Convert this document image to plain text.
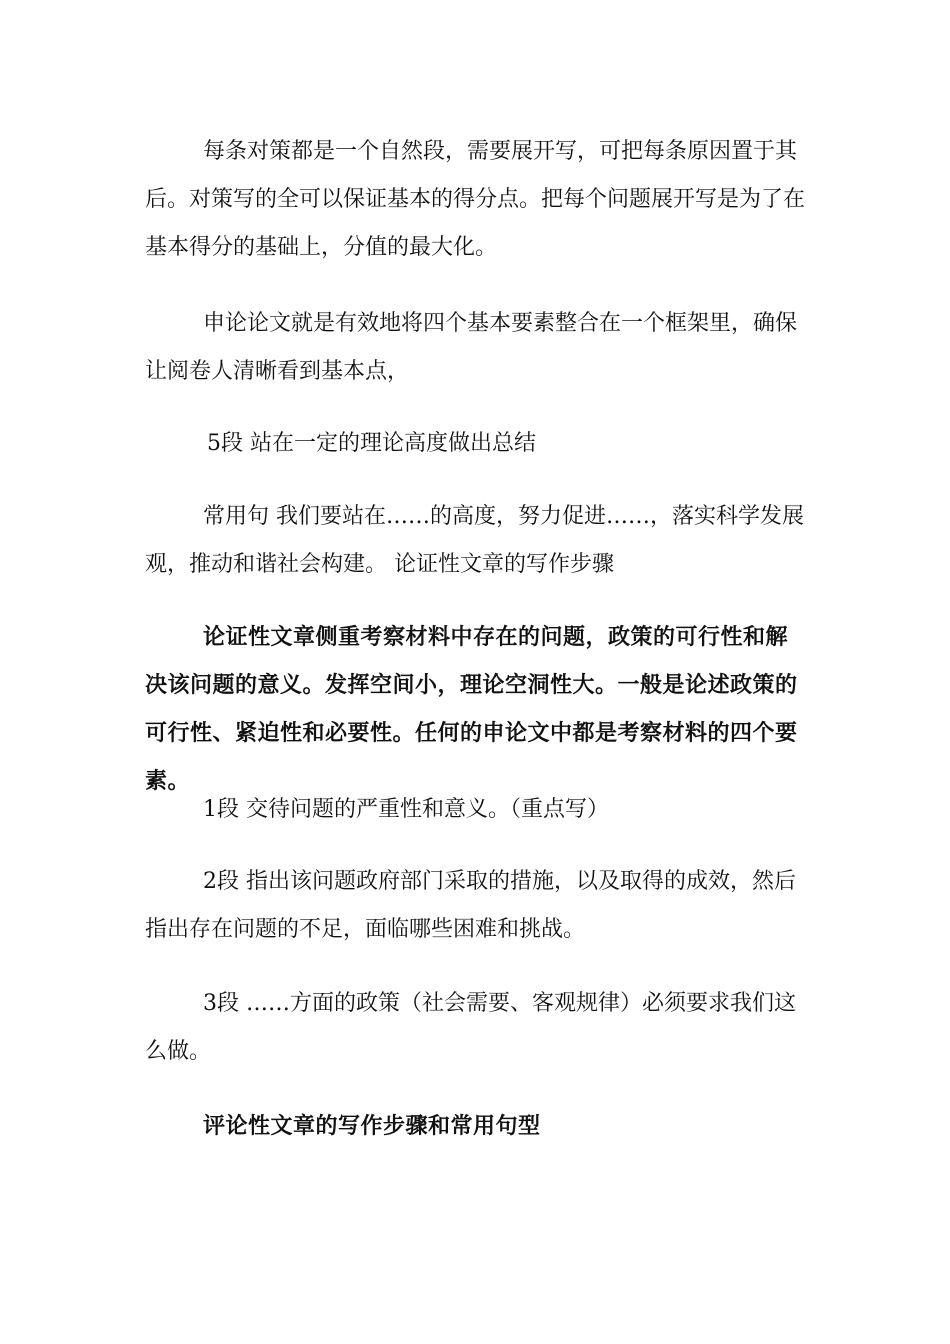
每条对策都是一个自然段，需要展开写，可把每条原因置于其后。对策写的全可以保证基本的得分点。把每个问题展开写是为了在基本得分的基础上，分值的最大化。

申论论文就是有效地将四个基本要素整合在一个框架里，确保让阅卷人清晰看到基本点，

5段 站在一定的理论高度做出总结

常用句 我们要站在……的高度，努力促进……，落实科学发展观，推动和谐社会构建。 论证性文章的写作步骤

论证性文章侧重考察材料中存在的问题，政策的可行性和解决该问题的意义。发挥空间小，理论空洞性大。一般是论述政策的可行性、紧迫性和必要性。任何的申论文中都是考察材料的四个要素。

1段 交待问题的严重性和意义。（重点写）

2段 指出该问题政府部门采取的措施，以及取得的成效，然后指出存在问题的不足，面临哪些困难和挑战。

3段 ……方面的政策（社会需要、客观规律）必须要求我们这么做。

评论性文章的写作步骤和常用句型
